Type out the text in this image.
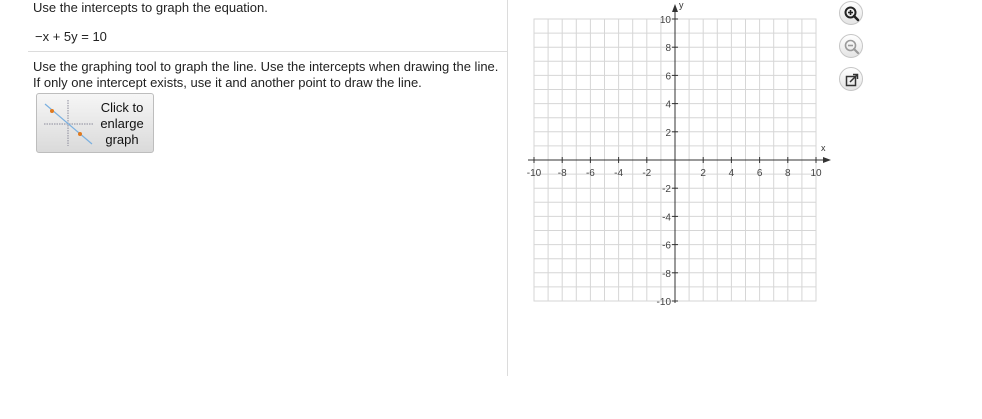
Use the intercepts to graph the equation.
−x + 5y = 10
Use the graphing tool to graph the line. Use the intercepts when drawing the line.
If only one intercept exists, use it and another point to draw the line.
Click to
enlarge
graph
x
y
-10 -8 -6 -4 -2	2 4 6 8 10
10
8
6
4
2
-2
-4
-6
-8
-10
